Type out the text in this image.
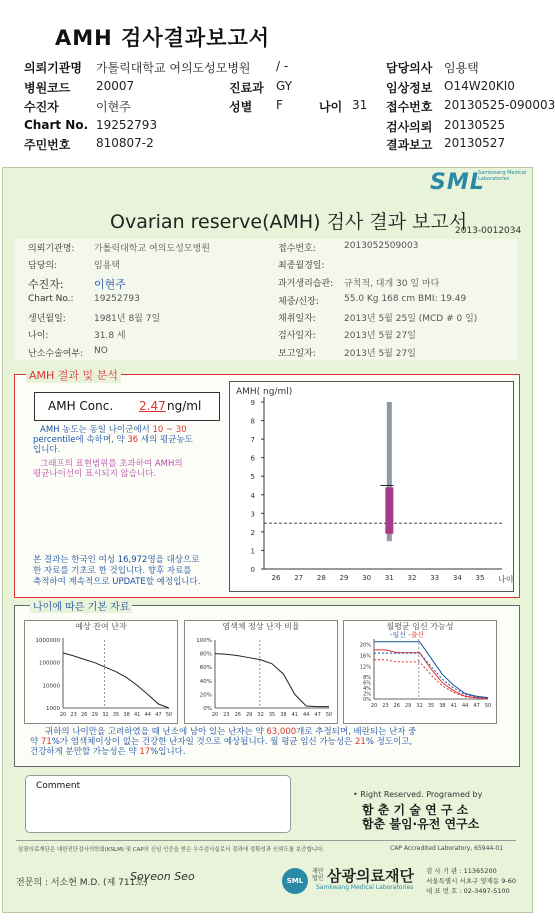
AMH 검사결과보고서
의뢰기관명 가톨릭대학교 여의도성모병원 / -	담당의사 임용택
병원코드 20007	진료과 GY	임상정보 O14W20KI0
수진자	이현주	성별 F	나이 31 접수번호 20130525-090003
Chart No. 19252793	검사의뢰 20130525
주민번호 810807-2	결과보고 20130527
SML
Samkwang Medical Laboratories
Ovarian reserve(AMH) 검사 결과 보고서
2013-0012034
의뢰기관명: 가톨릭대학교 여의도성모병원
담당의:	임용택
수진자:	이현주
Chart No.: 19252793
생년월일:	1981년 8월 7일
나이:	31.8 세
난소수술여부: NO
접수번호:	2013052509003
최종월경일:
과거생리습관: 규칙적, 대개 30 일 마다
체중/신장:	55.0 Kg 168 cm BMI: 19.49
채취일자:	2013년 5월 25일 (MCD # 0 일)
검사일자:	2013년 5월 27일
보고일자:	2013년 5월 27일
AMH 결과 및 분석
AMH Conc. 2.47 ng/ml
AMH 농도는 동일 나이군에서 10 ~ 30
percentile에 속하며, 약 36 세의 평균농도
입니다.
그래프의 표현범위를 초과하여 AMH의
평균나이선이 표시되지 않습니다.
본 결과는 한국인 여성 16,972명을 대상으로
한 자료를 기초로 한 것입니다. 향후 자료를
축적하여 계속적으로 UPDATE할 예정입니다.
AMH( ng/ml)
0
1
2
3
4
5
6
7
8
9
26 27 28 29 30 31 32 33 34 35 나이
나이에 따른 기본 자료
예상 잔여 난자
1000
10000
100000
1000000
20 23 26 29 32 35 38 41 44 47 50
염색체 정상 난자 비율
0%
20%
40%
60%
80%
100%
20 23 26 29 32 35 38 41 44 47 50
월평균 임신 가능성
-임신 -출산
0%
2%
4%
6%
8%
12%
16%
20%
20 23 26 29 32 35 38 41 44 47 50
귀하의 나이만을 고려하였을 때 난소에 남아 있는 난자는 약 63,000개로 추정되며, 배란되는 난자 중
약 71%가 염색체이상이 없는 건강한 난자일 것으로 예상됩니다. 월 평균 임신 가능성은 21% 정도이고,
건강하게 분만할 가능성은 약 17%입니다.
Comment
• Right Reserved. Programed by
함 춘 기 술 연 구 소
함춘 불임·유전 연구소
삼광의료재단은 대한진단검사의학회(KSLM) 및 CAP의 신임 인증을 받은 우수검사실로서 결과에 정확성과 신뢰도를 보증합니다.	CAP Accredited Laboratory, 65944-01
전문의 : 서소현 M.D. (제 711호)
Soyeon Seo	SML
재단법인 삼광의료재단
Samkwang Medical Laboratories
검 사 기 관 : 11365200
서울특별시 서초구 양재동 9-60
대 표 번 호 : 02-3497-5100
